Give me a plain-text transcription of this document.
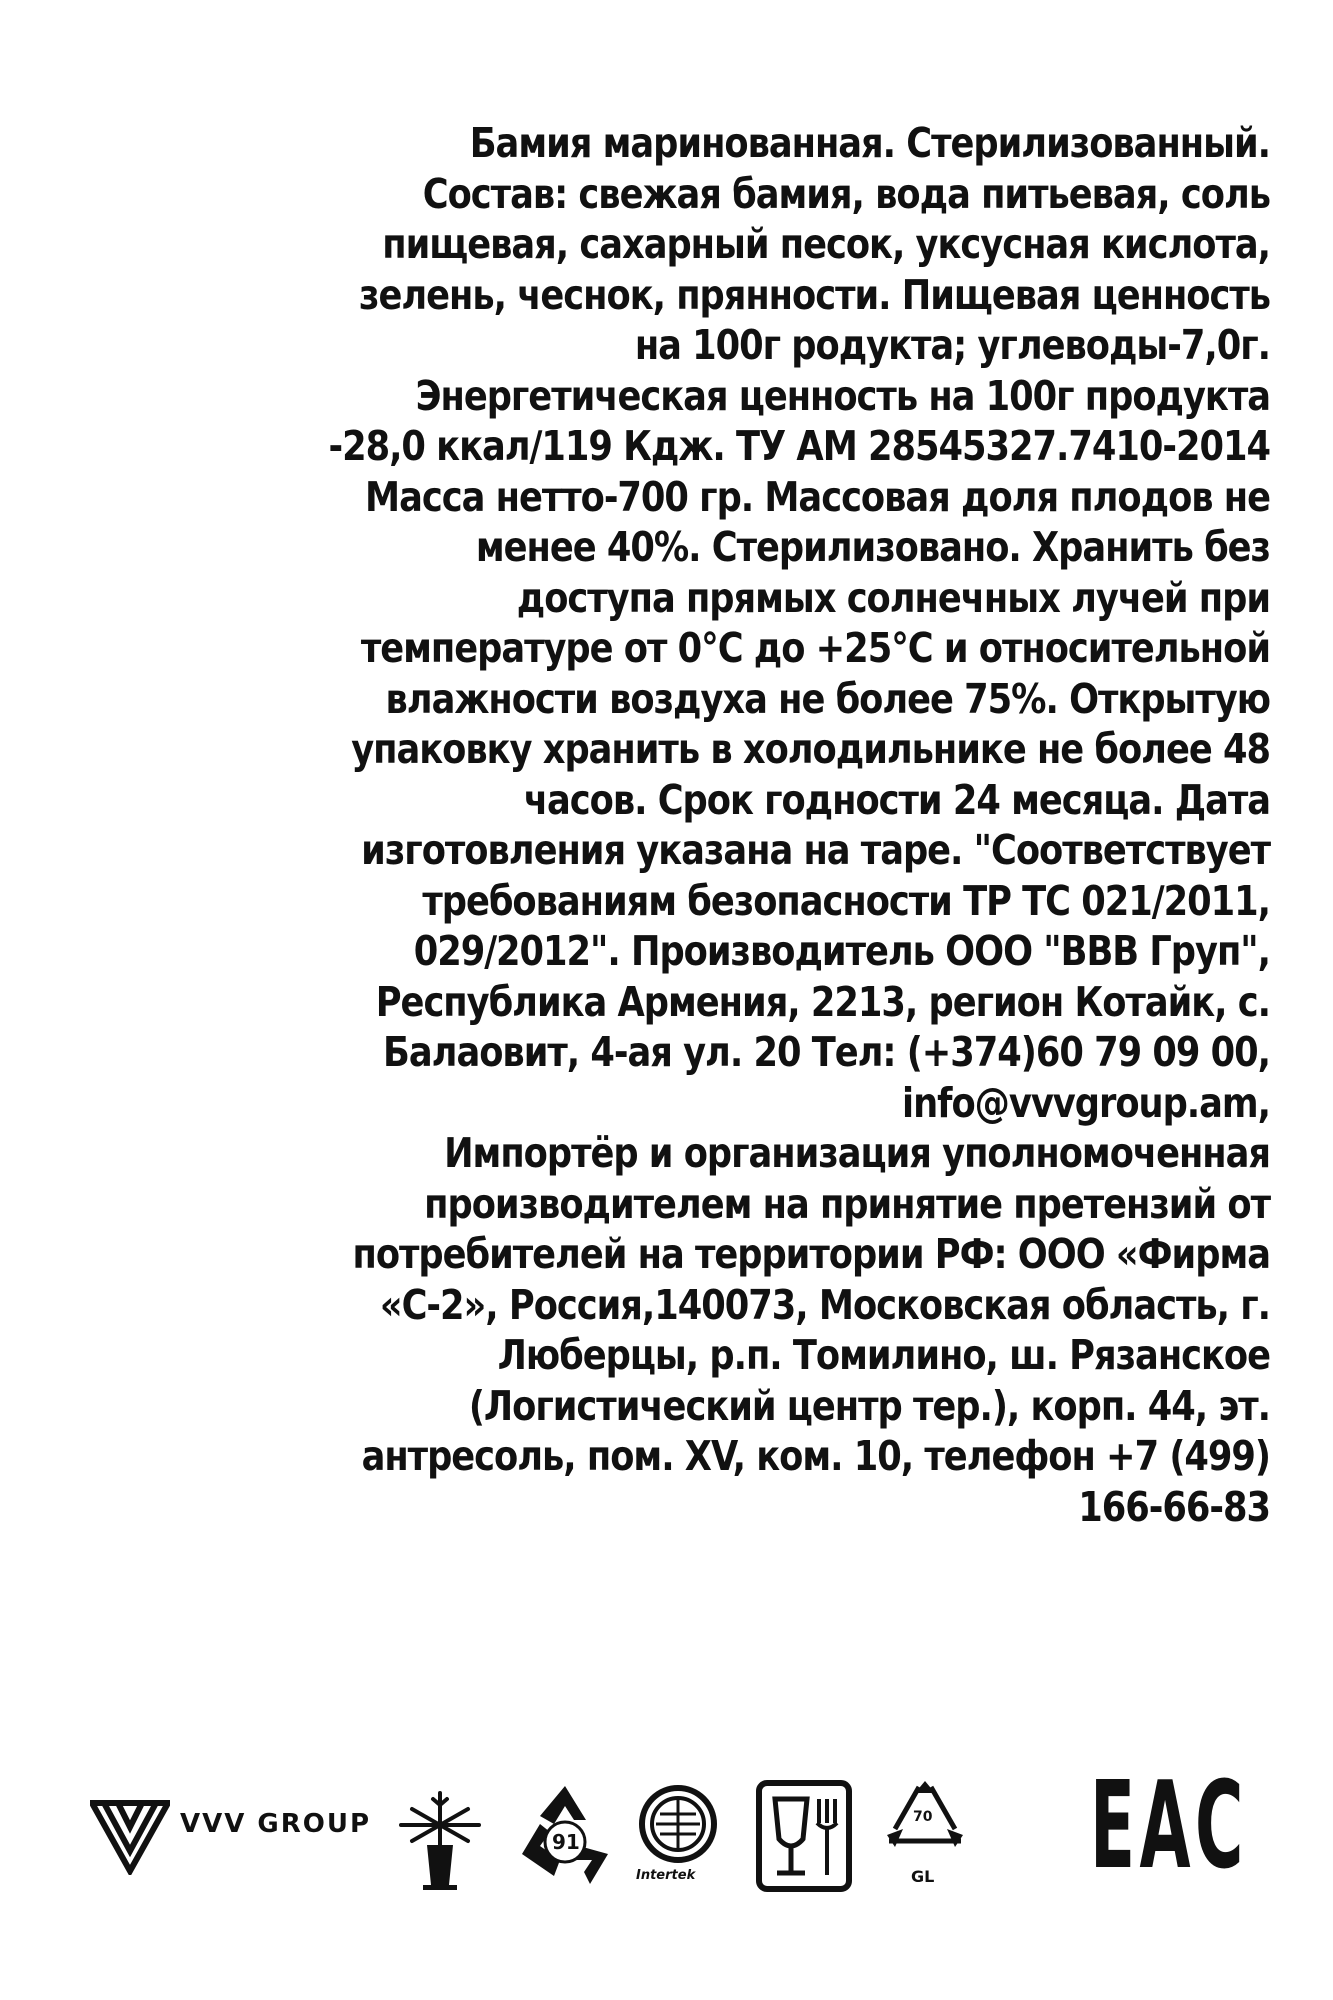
Бамия маринованная. Стерилизованный.
Состав: свежая бамия, вода питьевая, соль
пищевая, сахарный песок, уксусная кислота,
зелень, чеснок, прянности. Пищевая ценность
на 100г родукта; углеводы-7,0г.
Энергетическая ценность на 100г продукта
-28,0 ккал/119 Кдж. ТУ АМ 28545327.7410-2014
Масса нетто-700 гр. Массовая доля плодов не
менее 40%. Стерилизовано. Хранить без
доступа прямых солнечных лучей при
температуре от 0°С до +25°С и относительной
влажности воздуха не более 75%. Открытую
упаковку хранить в холодильнике не более 48
часов. Срок годности 24 месяца. Дата
изготовления указана на таре. "Соответствует
требованиям безопасности ТР ТС 021/2011,
029/2012". Производитель ООО "ВВВ Груп",
Республика Армения, 2213, регион Котайк, с.
Балаовит, 4-ая ул. 20 Тел: (+374)60 79 09 00,
info@vvvgroup.am,
Импортёр и организация уполномоченная
производителем на принятие претензий от
потребителей на территории РФ: ООО «Фирма
«С-2», Россия,140073, Московская область, г.
Люберцы, р.п. Томилино, ш. Рязанское
(Логистический центр тер.), корп. 44, эт.
антресоль, пом. XV, ком. 10, телефон +7 (499)
166-66-83
VVV GROUP
91
Intertek
70
GL ЕАС
